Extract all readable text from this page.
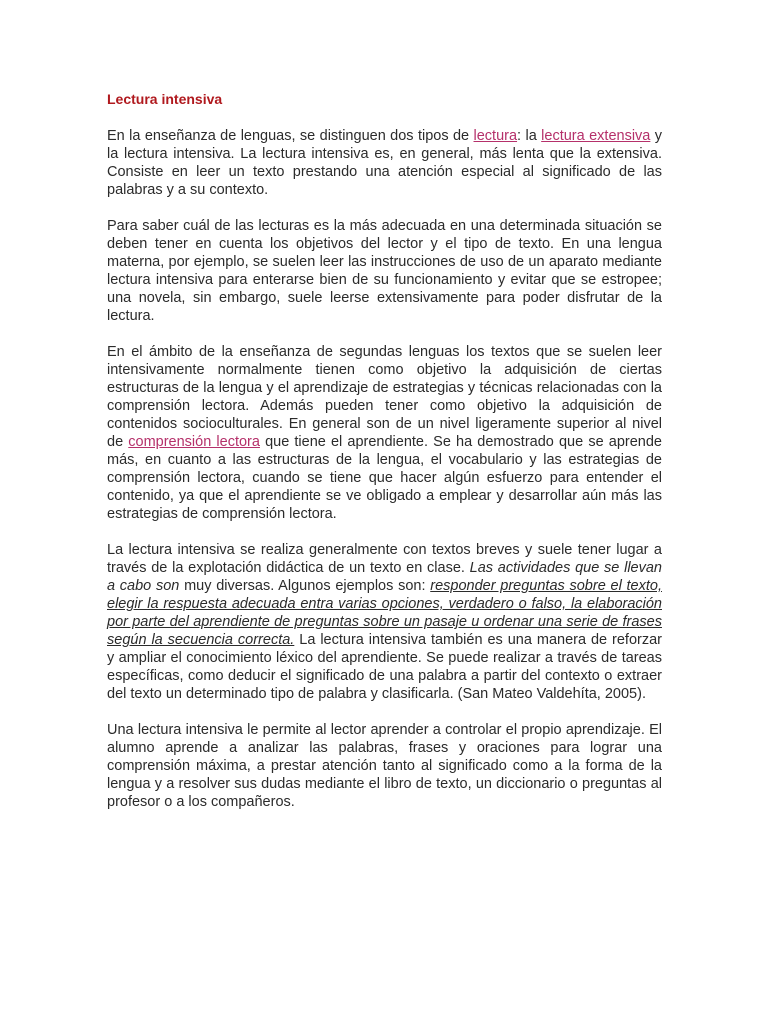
Lectura intensiva

En la enseñanza de lenguas, se distinguen dos tipos de lectura: la lectura extensiva y la lectura intensiva. La lectura intensiva es, en general, más lenta que la extensiva. Consiste en leer un texto prestando una atención especial al significado de las palabras y a su contexto.

Para saber cuál de las lecturas es la más adecuada en una determinada situación se deben tener en cuenta los objetivos del lector y el tipo de texto. En una lengua materna, por ejemplo, se suelen leer las instrucciones de uso de un aparato mediante lectura intensiva para enterarse bien de su funcionamiento y evitar que se estropee; una novela, sin embargo, suele leerse extensivamente para poder disfrutar de la lectura.

En el ámbito de la enseñanza de segundas lenguas los textos que se suelen leer intensivamente normalmente tienen como objetivo la adquisición de ciertas estructuras de la lengua y el aprendizaje de estrategias y técnicas relacionadas con la comprensión lectora. Además pueden tener como objetivo la adquisición de contenidos socioculturales. En general son de un nivel ligeramente superior al nivel de comprensión lectora que tiene el aprendiente. Se ha demostrado que se aprende más, en cuanto a las estructuras de la lengua, el vocabulario y las estrategias de comprensión lectora, cuando se tiene que hacer algún esfuerzo para entender el contenido, ya que el aprendiente se ve obligado a emplear y desarrollar aún más las estrategias de comprensión lectora.

La lectura intensiva se realiza generalmente con textos breves y suele tener lugar a través de la explotación didáctica de un texto en clase. Las actividades que se llevan a cabo son muy diversas. Algunos ejemplos son: responder preguntas sobre el texto, elegir la respuesta adecuada entra varias opciones, verdadero o falso, la elaboración por parte del aprendiente de preguntas sobre un pasaje u ordenar una serie de frases según la secuencia correcta. La lectura intensiva también es una manera de reforzar y ampliar el conocimiento léxico del aprendiente. Se puede realizar a través de tareas específicas, como deducir el significado de una palabra a partir del contexto o extraer del texto un determinado tipo de palabra y clasificarla. (San Mateo Valdehíta, 2005).

Una lectura intensiva le permite al lector aprender a controlar el propio aprendizaje. El alumno aprende a analizar las palabras, frases y oraciones para lograr una comprensión máxima, a prestar atención tanto al significado como a la forma de la lengua y a resolver sus dudas mediante el libro de texto, un diccionario o preguntas al profesor o a los compañeros.
